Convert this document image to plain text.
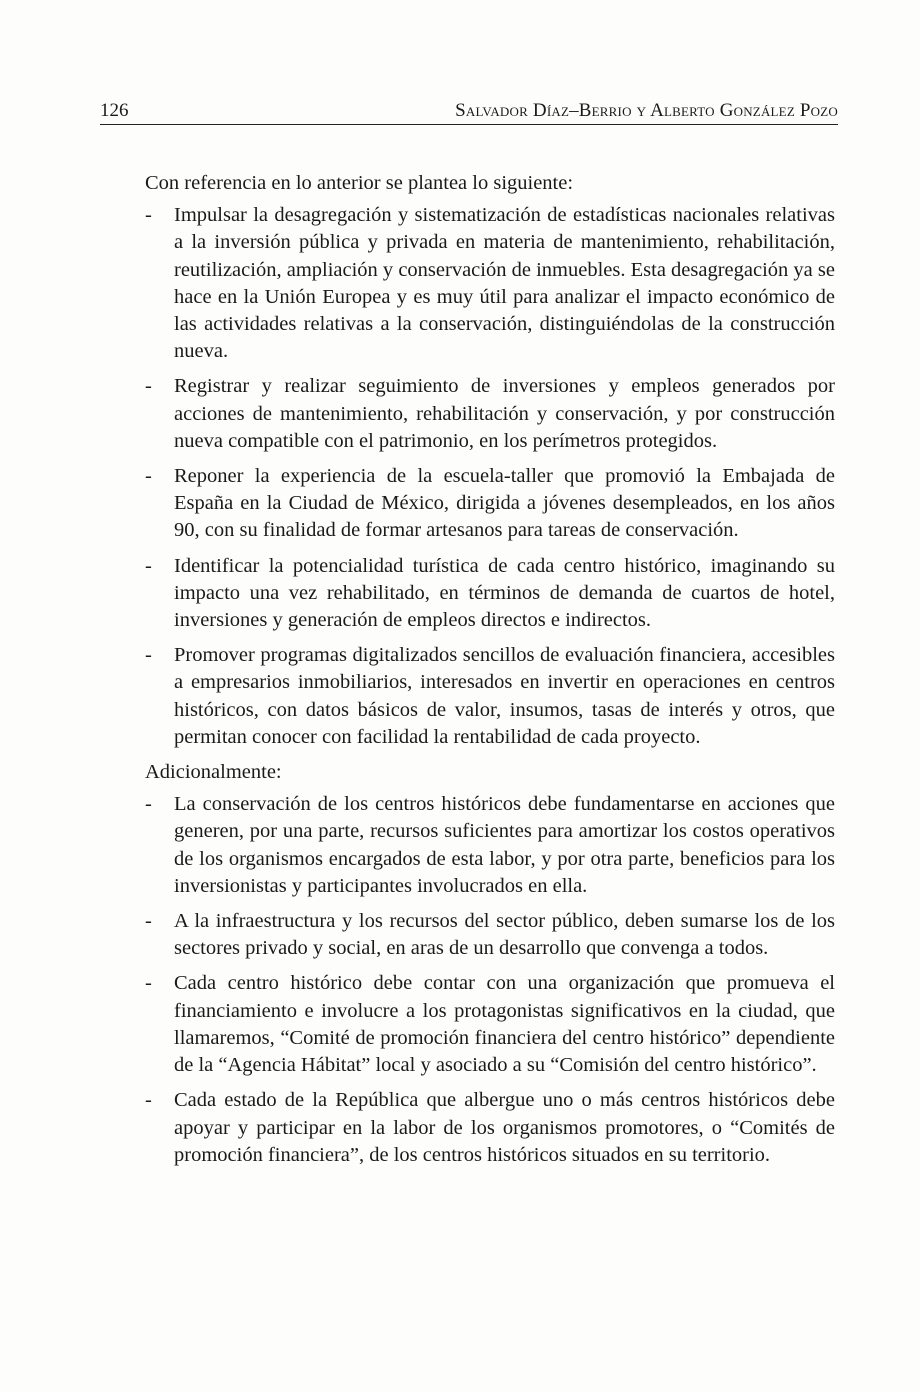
126	Salvador Díaz–Berrio y Alberto González Pozo

Con referencia en lo anterior se plantea lo siguiente:

- Impulsar la desagregación y sistematización de estadísticas nacionales relativas a la inversión pública y privada en materia de mantenimiento, rehabilitación, reutilización, ampliación y conservación de inmuebles. Esta desagregación ya se hace en la Unión Europea y es muy útil para analizar el impacto económico de las actividades relativas a la conservación, distinguiéndolas de la construcción nueva.
- Registrar y realizar seguimiento de inversiones y empleos generados por acciones de mantenimiento, rehabilitación y conservación, y por construcción nueva compatible con el patrimonio, en los perímetros protegidos.
- Reponer la experiencia de la escuela-taller que promovió la Embajada de España en la Ciudad de México, dirigida a jóvenes desempleados, en los años 90, con su finalidad de formar artesanos para tareas de conservación.
- Identificar la potencialidad turística de cada centro histórico, imaginando su impacto una vez rehabilitado, en términos de demanda de cuartos de hotel, inversiones y generación de empleos directos e indirectos.
- Promover programas digitalizados sencillos de evaluación financiera, accesibles a empresarios inmobiliarios, interesados en invertir en operaciones en centros históricos, con datos básicos de valor, insumos, tasas de interés y otros, que permitan conocer con facilidad la rentabilidad de cada proyecto.

Adicionalmente:

- La conservación de los centros históricos debe fundamentarse en acciones que generen, por una parte, recursos suficientes para amortizar los costos operativos de los organismos encargados de esta labor, y por otra parte, beneficios para los inversionistas y participantes involucrados en ella.
- A la infraestructura y los recursos del sector público, deben sumarse los de los sectores privado y social, en aras de un desarrollo que convenga a todos.
- Cada centro histórico debe contar con una organización que promueva el financiamiento e involucre a los protagonistas significativos en la ciudad, que llamaremos, “Comité de promoción financiera del centro histórico” dependiente de la “Agencia Hábitat” local y asociado a su “Comisión del centro histórico”.
- Cada estado de la República que albergue uno o más centros históricos debe apoyar y participar en la labor de los organismos promotores, o “Comités de promoción financiera”, de los centros históricos situados en su territorio.
